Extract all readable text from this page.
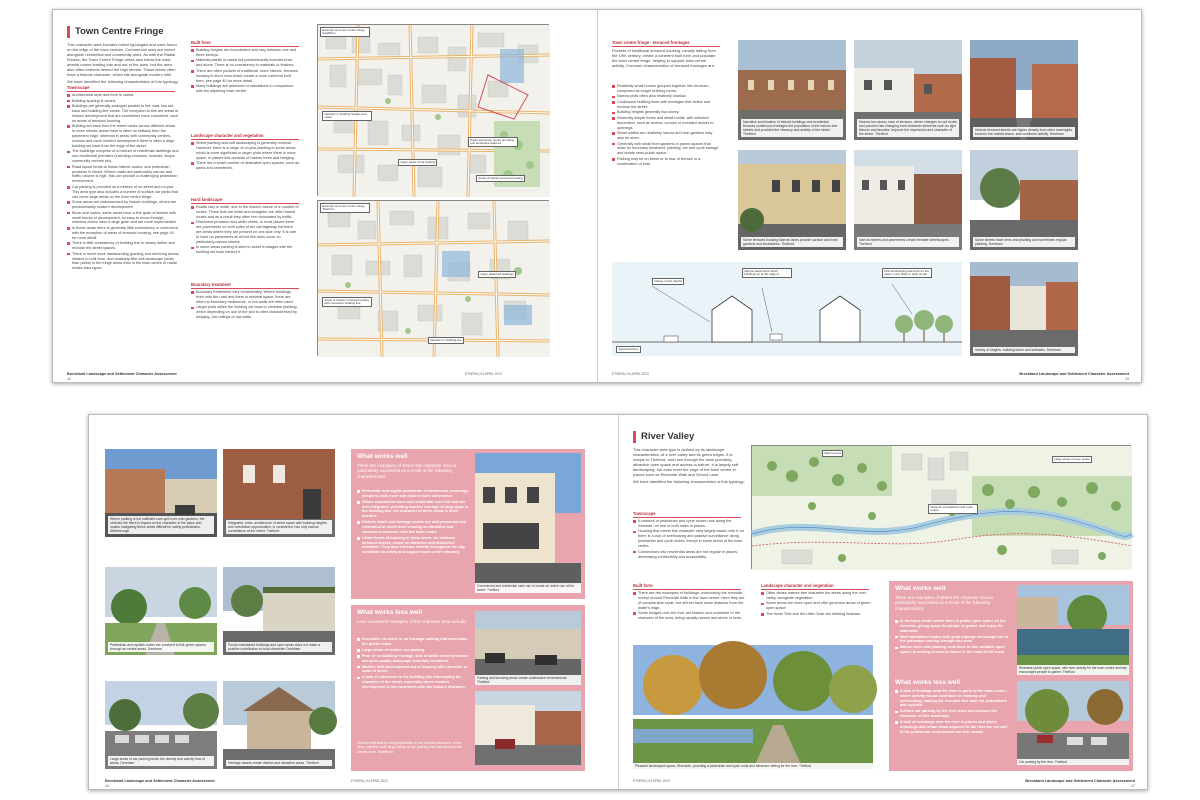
Town Centre Fringe

This character area includes mixed typologies and uses found on the edge of the town centres. Commercial uses are mixed alongside residential and community uses. As with the Radial Routes, the Town Centre Fringe areas also follow the main arterial routes leading into and out of the town, but the area also often extends behind the high streets. These areas often have a historic character, which sits alongside modern infill.

We have identified the following characteristics of this typology:

Townscape
Architectural style and form is varied.
Building spacing is varied.
Buildings are generally arranged parallel to the road, low set-back and building line varies. The exception to this are areas of historic development that are sometimes more consistent, such as areas of terraced housing.
Building set back from the street varies across different areas. In more historic areas there is often no setback from the pavement edge, whereas in areas with community centres, schools and more modern development there is often a large building set back from the edge of the street.
The buildings comprise of a mixture of residential dwellings and non-residential premises (including churches, schools, shops, community centres etc).
Road layout tends to follow historic routes, and pedestrian provision is mixed. Where roads are particularly narrow and traffic volume is high, this can provide a challenging pedestrian environment.
Car parking is provided as a mixture of on-street and on-plot. This area type also includes a number of surface car parks that can cover large areas on the town centre fringe.
Some areas are characterised by historic buildings, others are predominantly modern development.
Block size varies, some areas have a fine grain of streets with small blocks of development, so easy to move through, whereas others have a large grain and are more impermeable.
In these areas there is generally little consistency or coherence, with the exception of areas of terraced housing, see page 40 for more detail.
There is little consistency of building line to clearly define and enclose the street spaces.
There is much more hardstanding (parking and servicing areas) relative to built form, and relatively little soft landscape (other than parks) in the fringe areas than in the town centre or radial routes area types.
Built form
Building heights are inconsistent and vary between one and three storeys.
Material palette is varied but predominantly includes brick and stone. There is no consistency in materials or finishes.
There are often pockets of traditional, more historic, terraced housing in short rows which create a more coherent built form, see page 40 for more detail.
Many buildings are detached or standalone in comparison with the adjoining town centre.
Landscape character and vegetation
Street planting and soft landscaping is generally minimal. However, there is a range of on-plot planting in some areas, which is more significant in larger plots where there is more space. In places this consists of mature trees and hedging.
There are a small number of dedicated open spaces, such as parks and cemeteries.
Hard landscape
Roads vary in width, due to the historic nature of a number of routes. Those that are wider and straighter are often transit routes and as a result they often feel dominated by traffic.
Pavement provision and width varies. In most places there are pavements on both sides of the carriageway but there are areas where they are present on one side only. It is rare to have no pavements at all but this does occur on particularly narrow streets.
In some areas parking is sited in-street frontages with the building set back behind it.
Boundary treatment
Boundary treatments vary considerably. Where buildings front onto the road and there is minimal space, there are often no boundary treatments, or low walls are often used.
Larger plots utilise the building set back to increase planting, which depending on use of the plot is often characterised by hedging, low railings or low walls.
Example of a town centre fringe, Swaffham
Variation in building heights and styles
Large areas of car parking
Parks and green space providing soft landscape features
Areas of historic terraced housing
Example of a town centre fringe, Thetford
Areas of historic terraced housing with consistent building line
Variation in building line
Large detached buildings
Breckland Landscape and Settlement Character Assessment
42
ETHERA | 04 APRIL 2023
Town centre fringe - terraced frontages
Pockets of traditional terraced housing, usually dating from the 19th century, create a coherent built form and populate the town centre fringe, helping to support town centre activity. Common characteristics of terraced frontages are:
Relatively small homes grouped together into terraces - composed as longer building forms.
Narrow plots often also relatively shallow.
Continuous building lines with frontages that define and enclose the street.
Building heights generally two storey.
Generally simple forms and detail motifs, with selected decoration, such as arches, cornice or moulded arches to openings.
Street widths are relatively narrow and rear gardens may also be short.
Generally with small front gardens or paved spaces that allow for boundary treatment, planting, bin and cycle storage and create semi-public space.
Parking may be on street or to rear of terrace or a combination of both.
Narrative combination of historic buildings and residential terraces continuous frontages the population of the narrow tree streets and provides the vibrancy and activity of the street. Thetford
Historic two-storey rows of terraces, where changes to roof levels and porches has changing front character elements such as light fixtures and facades. Improve the impression and character of the street. Thetford
Historic terraced streets are higher density from other townsights, found in the market towns, and continues activity. Dereham
Some terraced housing Narrow lanes provide surface and front gardens and boundaries. Thetford
Narrow streets and pavements create intimate streetscapes. Thetford
Some streets have trees and planting and sometimes regular planting. Dereham
Variety of plot depths
Narrow pavements which buildings sit at the edge of
Few landscaping elements on the street, more likely in back of plot
Typical Section	Variety of heights, building forms and setbacks. Dereham
ETHERA | 04 APRIL 2023	Breckland Landscape and Settlement Character Assessment
43
Where parking is not sufficient cars spill over onto gardens, the vehicles the there is impact on the character of the place and makes navigating these areas difficult for safety pedestrians. Attleborough
Integrated, tests, architecture of street space with building heights, and orientation opportunities, is considered, has only natural surveillance of the street. Thetford
Pedestrian and cyclists routes are provided to link green spaces through an centre areas. Dereham
Poorly maintained buildings and open areas does not make a positive contribution to local character. Dereham
Large areas of car parking break the density and activity flow of areas. Dereham	Heritage assets create distinct and attractive areas. Thetford
What works well
There are examples of where this character area is particularly successful as a result of the following characteristics:
Permeable and legible pedestrian environments encourage people to walk more and make it more convenient.
Where commercial uses and residential uses mix and are well integrated, providing inactive frontage at large gaps in the building line, the character of these areas is more positive.
Historic fabric and heritage assets are well-preserved and celebrated at street level creating an attractive and consistent character with the town centre.
Urban forms of housing in these areas, for instance terraced streets, create an attractive and distinctive character. They also increase activity throughout the day, contribute to safety and support town centre vibrancy.
Commercial and residential uses mix to create an active use at the street. Thetford
What works less well
Less successful examples of this character area include:
Excessive on-street or on frontage parking that dominates the public realm.
Large areas of surface car parking.
Poor or no building frontage, lack of active street presence and poor quality landscape boundary treatment.
Modern infill development out of keeping with character or scale of street.
A lack of coherence in the building line interrupting the character of the street, especially where modern development is not consistent with the historic character.
Modern infill that is not sympathetic to the historic character of the area, together with large areas of car parking that detract from the streetscene. Swaffham
Parking and servicing areas create unattractive environments. Thetford
Breckland Landscape and Settlement Character Assessment
44
ETHERA | 04 APRIL 2023
River Valley

This character area type is defined by its landscape characteristics, of a river valley and its green edges. It is unique to Thetford, and runs through the town providing attractive open space and access to nature. It is largely soft landscaping, but does meet the edge of the town centre in places such as Riverside Walk and School Lane.

We have identified the following characteristics of this typology:

Townscape
A network of pedestrian and cycle routes runs along the riverside, on one or both sides in places.
Housing that meets this character area largely backs onto it, so there is a lack of overlooking and passive surveillance along pedestrian and cycle routes, except in some areas of the town centre.
Connections into residential areas are not regular in places, decreasing connectivity and accessibility.
Network of pedestrian and cycle routes
Large areas of open space
Mature trees
Built form
There are few examples of buildings, overlooking the riverside, except around Riverside Walk in the town centre. Here they are of considerable scale, but still set back some distance from the water's edge.
Some bridges over the river are historic and contribute to the character of the area, being usually narrow and stone or brick.
Landscape character and vegetation
Often dense mature tree character the areas along the river valley, alongside vegetation.
Some areas are more open and offer generous areas of green open space.
The rivers Thet and the Little Ouse are defining features.
Pleasant landscaped space, Riverside, providing a pedestrian and cycle route and attractive setting for the river. Thetford
What works well
There are examples of where the character area is particularly successful as a result of the following characteristics:
In the town centre where there is public open space on the riverside, giving space for people to gather and enjoy the waterside.
Well maintained routes with good signage encourage use of the pathways running through this area.
Mature trees and planting contribute to this valuable open space, providing access to nature in the heart of the town.
What works less well
A lack of frontage onto the river in parts of the town centre, where activity would contribute to vibrancy and overlooking, making the riverside feel safer for pedestrians and cyclists.
Surface car parking by the river does not enhance the character of this landscape.
A lack of crossings over the river in places and where crossings and urban areas adjacent to the river are not well lit the pedestrian environment can feel unsafe.
Riverside public open space, with river activity for the town centre amenity encourages people to gather. Thetford
Car parking by the river. Thetford
ETHERA | 04 APRIL 2023	Breckland Landscape and Settlement Character Assessment
47
